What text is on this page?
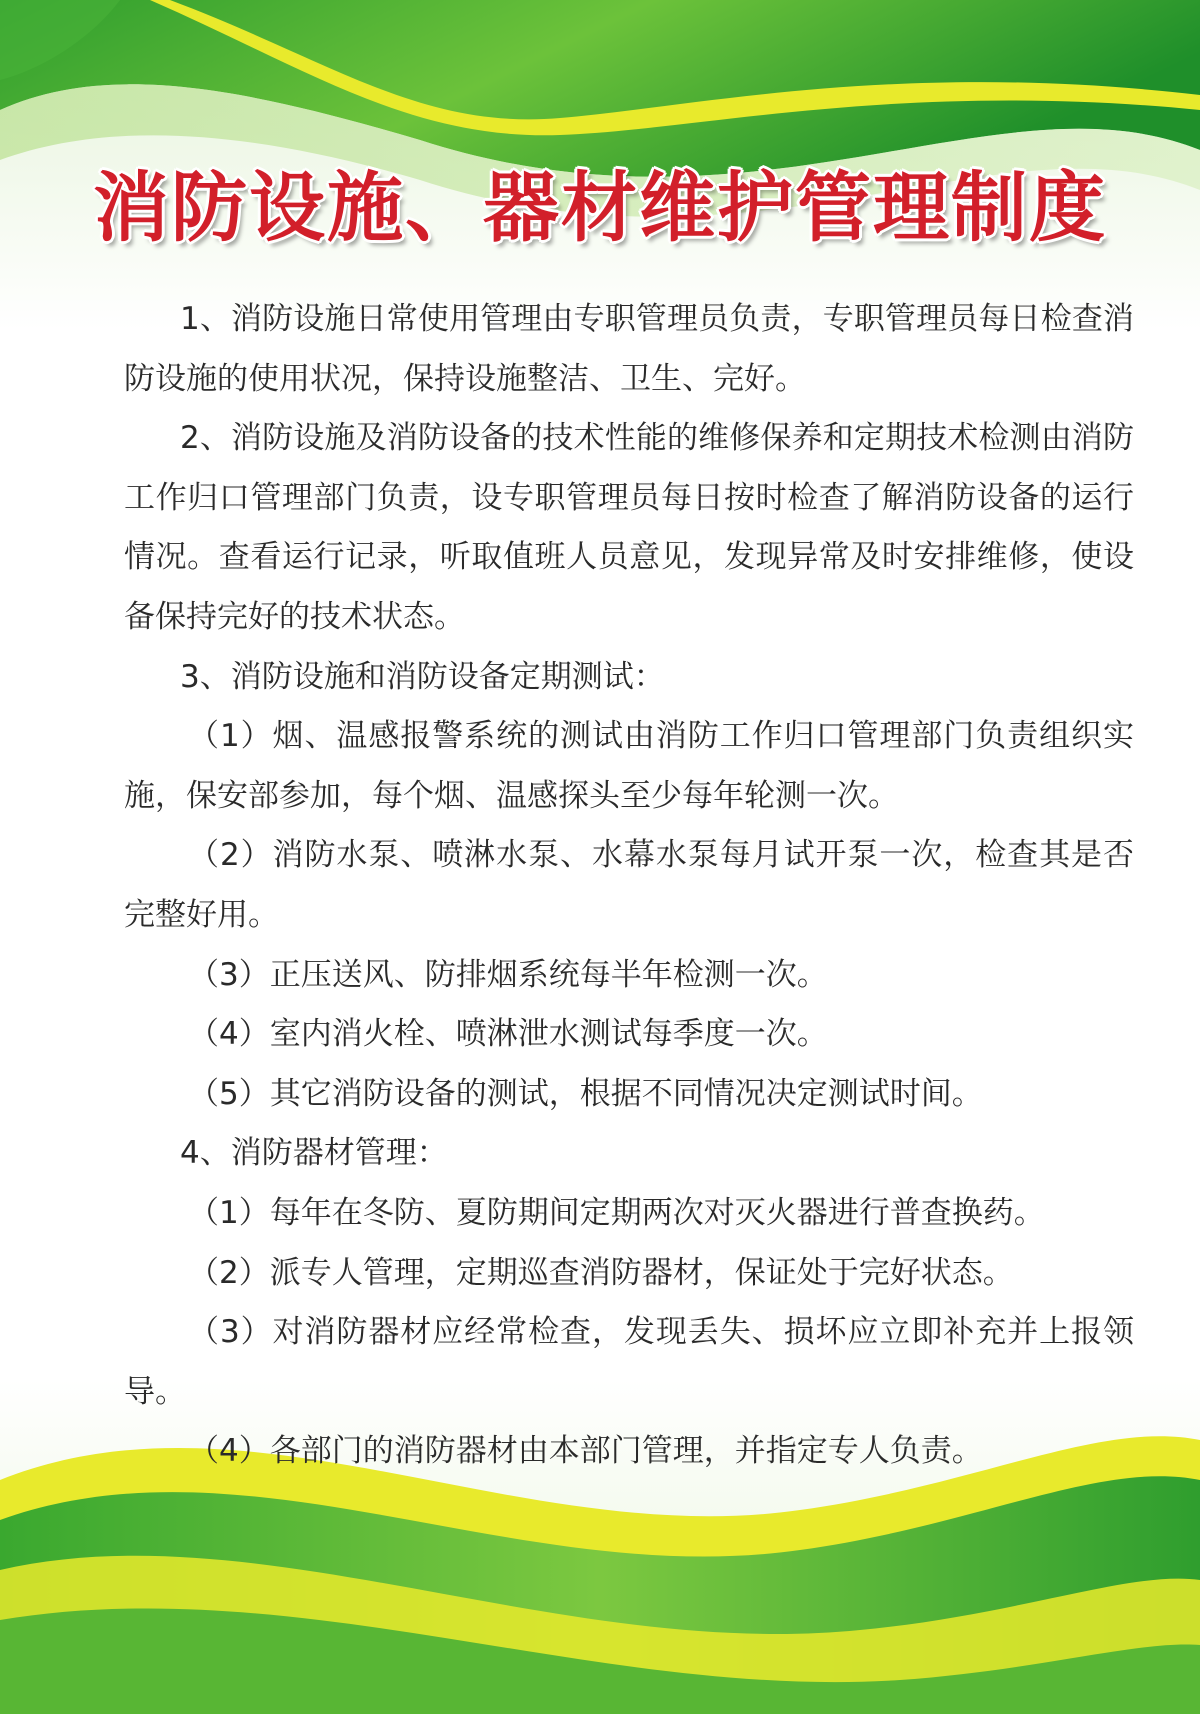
消防设施、器材维护管理制度

1、消防设施日常使用管理由专职管理员负责，专职管理员每日检查消防设施的使用状况，保持设施整洁、卫生、完好。

2、消防设施及消防设备的技术性能的维修保养和定期技术检测由消防工作归口管理部门负责，设专职管理员每日按时检查了解消防设备的运行情况。查看运行记录，听取值班人员意见，发现异常及时安排维修，使设备保持完好的技术状态。

3、消防设施和消防设备定期测试：

（1）烟、温感报警系统的测试由消防工作归口管理部门负责组织实施，保安部参加，每个烟、温感探头至少每年轮测一次。

（2）消防水泵、喷淋水泵、水幕水泵每月试开泵一次，检查其是否完整好用。

（3）正压送风、防排烟系统每半年检测一次。

（4）室内消火栓、喷淋泄水测试每季度一次。

（5）其它消防设备的测试，根据不同情况决定测试时间。

4、消防器材管理：

（1）每年在冬防、夏防期间定期两次对灭火器进行普查换药。

（2）派专人管理，定期巡查消防器材，保证处于完好状态。

（3）对消防器材应经常检查，发现丢失、损坏应立即补充并上报领导。

（4）各部门的消防器材由本部门管理，并指定专人负责。
